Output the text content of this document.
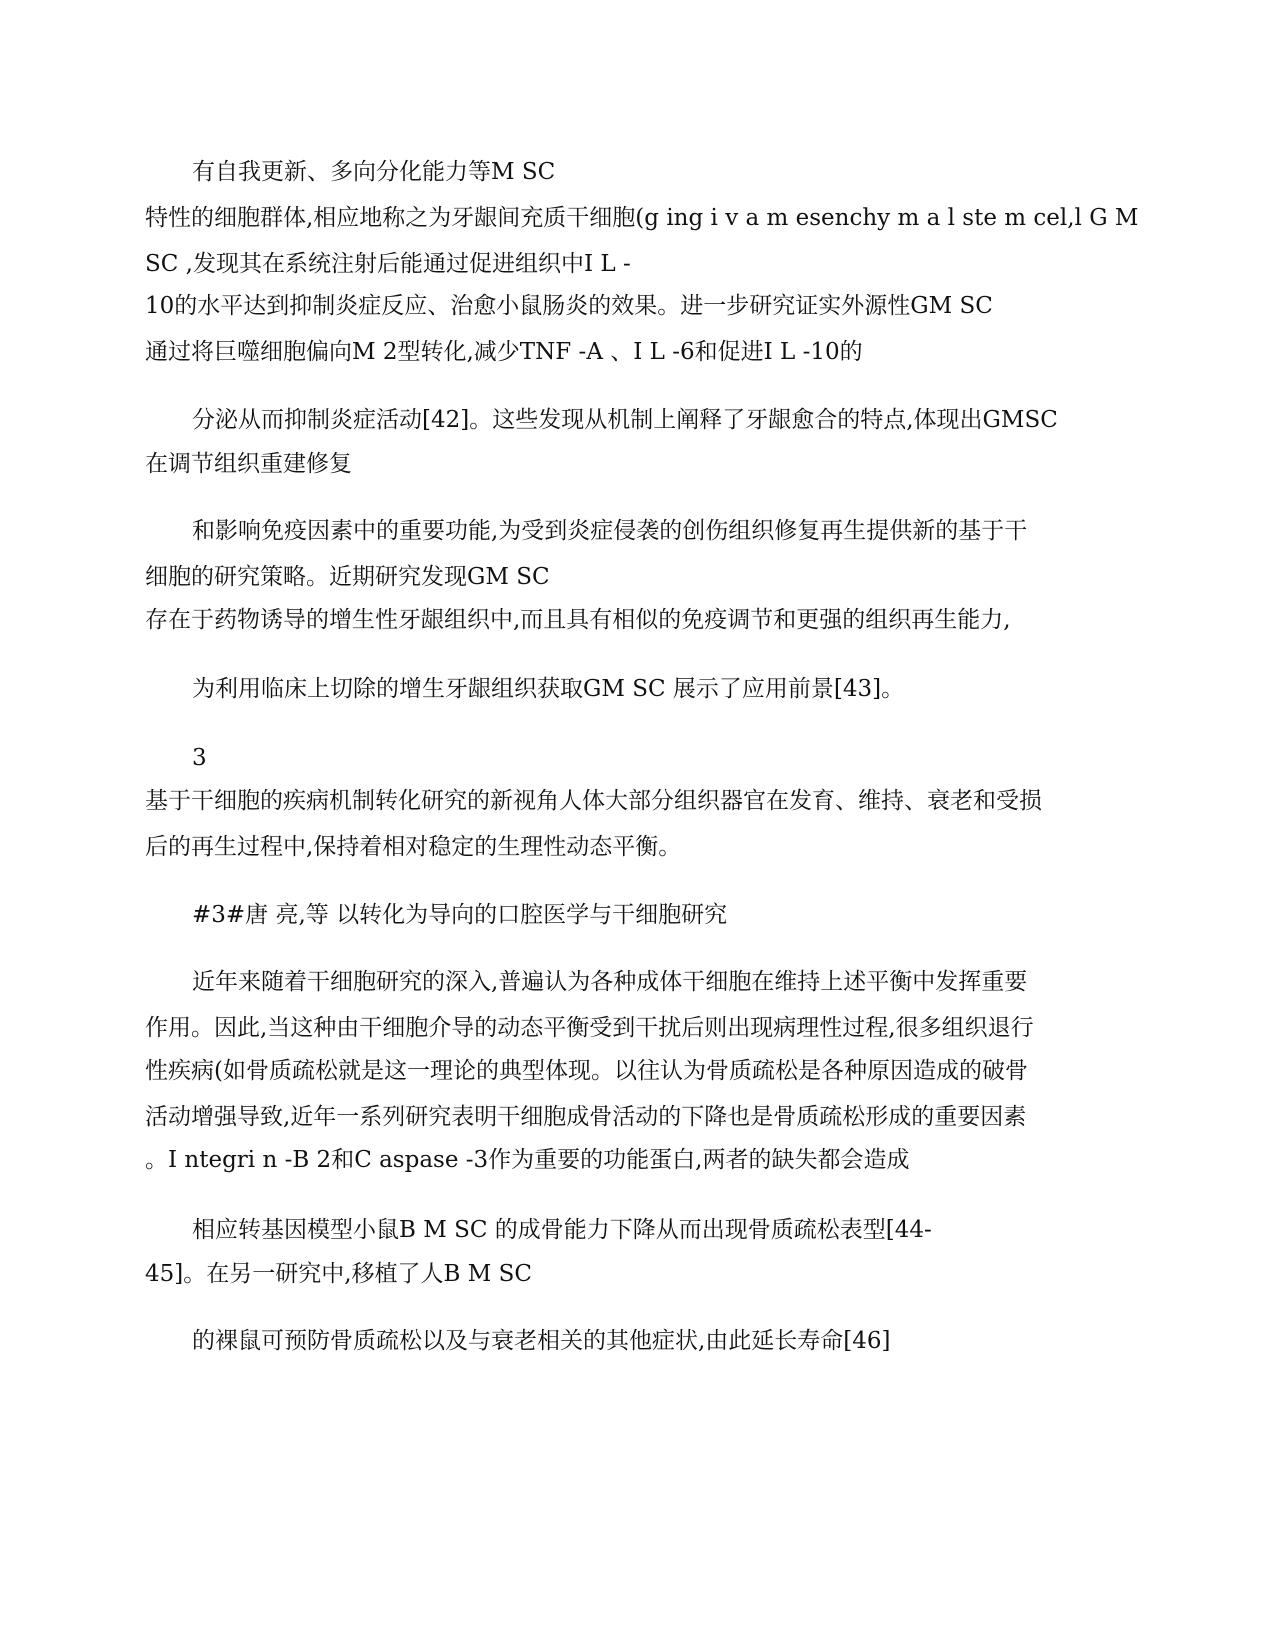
有自我更新、多向分化能力等M SC
特性的细胞群体,相应地称之为牙龈间充质干细胞(g ing i v a m esenchy m a l ste m cel,l G M
SC ,发现其在系统注射后能通过促进组织中I L -
10的水平达到抑制炎症反应、治愈小鼠肠炎的效果。进一步研究证实外源性GM SC
通过将巨噬细胞偏向M 2型转化,减少TNF -A 、I L -6和促进I L -10的
分泌从而抑制炎症活动[42]。这些发现从机制上阐释了牙龈愈合的特点,体现出GMSC
在调节组织重建修复
和影响免疫因素中的重要功能,为受到炎症侵袭的创伤组织修复再生提供新的基于干
细胞的研究策略。近期研究发现GM SC
存在于药物诱导的增生性牙龈组织中,而且具有相似的免疫调节和更强的组织再生能力,
为利用临床上切除的增生牙龈组织获取GM SC 展示了应用前景[43]。
3
基于干细胞的疾病机制转化研究的新视角人体大部分组织器官在发育、维持、衰老和受损
后的再生过程中,保持着相对稳定的生理性动态平衡。
#3#唐 亮,等 以转化为导向的口腔医学与干细胞研究
近年来随着干细胞研究的深入,普遍认为各种成体干细胞在维持上述平衡中发挥重要
作用。因此,当这种由干细胞介导的动态平衡受到干扰后则出现病理性过程,很多组织退行
性疾病(如骨质疏松就是这一理论的典型体现。以往认为骨质疏松是各种原因造成的破骨
活动增强导致,近年一系列研究表明干细胞成骨活动的下降也是骨质疏松形成的重要因素
。I ntegri n -B 2和C aspase -3作为重要的功能蛋白,两者的缺失都会造成
相应转基因模型小鼠B M SC 的成骨能力下降从而出现骨质疏松表型[44-
45]。在另一研究中,移植了人B M SC
的裸鼠可预防骨质疏松以及与衰老相关的其他症状,由此延长寿命[46]
